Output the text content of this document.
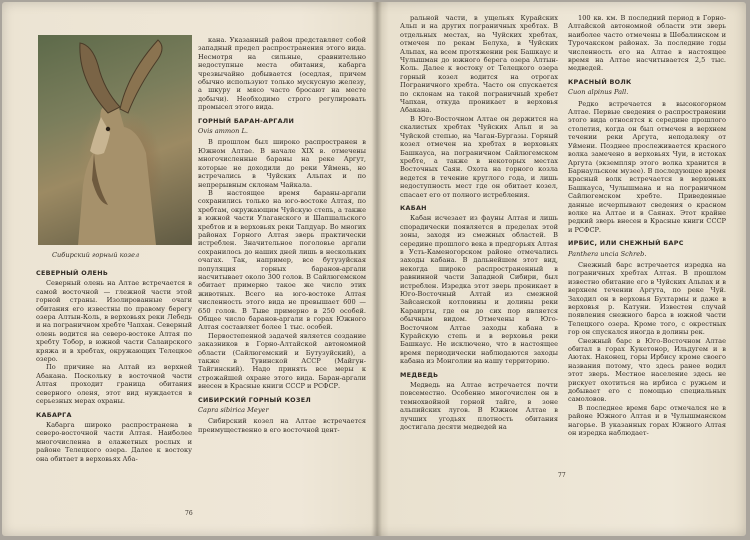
Сибирский горный козел

кана. Указанный район представляет собой западный предел распространения этого вида. Несмотря на сильные, сравнительно недоступные места обитания, кабарга чрезвычайно добывается (оседлая, причем обычно используют только мускусную железу, а шкуру и мясо часто бросают на месте добычи). Необходимо строго регулировать промысел этого вида.

ГОРНЫЙ БАРАН-АРГАЛИ

Ovis ammon L.

В прошлом был широко распространен в Южном Алтае. В начале XIX в. отмечены многочисленные бараны на реке Аргут, которые не доходили до реки Уймень, но встречались в Чуйских Альпах и по непрерывным склонам Чайкала.

В настоящее время бараны-аргали сохранились только на юго-востоке Алтая, по хребтам, окружающим Чуйскую степь, а также в южной части Улаганского и Шапшальского хребтов и в верховьях реки Тапдуар. Во многих районах Горного Алтая зверь практически истреблен. Значительное поголовье аргали сохранилось до наших дней лишь в нескольких очагах. Так, например, все бутузуйская популяция горных баранов-аргали насчитывает около 300 голов. В Сайлюгемском обитает примерно такое же число этих животных. Всего на юго-востоке Алтая численность этого вида не превышает 600 — 650 голов. В Тыве примерно в 250 особей. Общее число баранов-аргали в горах Южного Алтая составляет более 1 тыс. особей.

Первостепенной задачей является создание заказников в Горно-Алтайской автономной области (Сайлюгемский и Бутузуйский), а также в Тувинской АССР (Майгун-Тайгинский). Надо принять все меры к строжайшей охране этого вида. Баран-аргали внесен в Красные книги СССР и РСФСР.

СИБИРСКИЙ ГОРНЫЙ КОЗЕЛ

Capra sibirica Meyer

Сибирский козел на Алтае встречается преимущественно в его восточной цент-

СЕВЕРНЫЙ ОЛЕНЬ

Северный олень на Алтае встречается в самой восточной — глежной части этой горной страны. Изолированные очаги обитания его известны по правому берегу озера Алтын-Коль, в верховьях реки Лебедь и на пограничном хребте Чапхан. Северный олень водится на северо-востоке Алтая по хребту Тобор, в южной части Салаирского кряжа и в хребтах, окружающих Телецкое озеро.

По причине на Алтай из верхней Абакана. Поскольку в восточной части Алтая проходит граница обитания северного оленя, этот вид нуждается в серьезных мерах охраны.

КАБАРГА

Кабарга широко распространена в северо-восточной части Алтая. Наиболее многочисленна в елажетных рослых и районе Телецкого озера. Далее к востоку она обитает в верховьях Аба-

76

ральной части, в ущельях Курайских Альп и на других пограничных хребтах. В отдельных местах, на Чуйских хребтах, отмечен по рекам Белуха, в Чуйских Альпах, на всем протяжении рек Башкаус и Чулышман до южного берега озера Алтын-Коль. Далее к востоку от Телецкого озера горный козел водится на отрогах Пограничного хребта. Часто он спускается по склонам на такой пограничный хребет Чапхан, откуда проникает в верховья Абакана.

В Юго-Восточном Алтае он держится на скалистых хребтах Чуйских Альп и за Чуйской степью, на Чаган-Бургазы. Горный козел отмечен на хребтах в верховьях Башкауса, на пограничном Сайлюгемском хребте, а также в некоторых местах Восточных Саян. Охота на горного козла ведется в течение круглого года, и лишь недоступность мест где он обитает козел, спасает его от полного истребления.

КАБАН

Кабан исчезает из фауны Алтая и лишь спорадически появляется в пределах этой зоны, заходя из смежных областей. В середине прошлого века в предгорьях Алтая в Усть-Каменогорском районе отмечались заходы кабана. В дальнейшем этот вид, некогда широко распространенный в равнинной части Западной Сибири, был истреблен. Изредка этот зверь проникает в Юго-Восточный Алтай из смежной Зайсанской котловины и долины реки Караирты, где он до сих пор является обычным видом. Отмечены в Юго-Восточном Алтае заходы кабана в Курайскую степь и в верховья реки Башкаус. Не исключено, что в настоящее время периодически наблюдаются заходы кабана из Монголии на нашу территорию.

МЕДВЕДЬ

Медведь на Алтае встречается почти повсеместно. Особенно многочислен он в темнохвойной горной тайге, в зоне альпийских лугов. В Южном Алтае в лучших угодьях плотность обитания достигала десяти медведей на

100 кв. км. В последний период в Горно-Алтайской автономной области эти зверь наиболее часто отмечены в Шебалинском и Турочакском районах. За последние годы численность его на Алтае в настоящее время на Алтае насчитывается 2,5 тыс. медведей.

КРАСНЫЙ ВОЛК

Cuon alpinus Pall.

Редко встречается в высокогорном Алтае. Первые сведения о распространении этого вида относятся к середине прошлого столетия, когда он был отмечен в верхнем течении реки Аргута, неподалеку от Уймени. Позднее прослеживается красного волка замечено в верховьях Чуи, в истоках Аргута (экземпляр этого волка хранится в Барнаульском музее). В последующее время красный волк встречается в верховьях Башкауса, Чулышмана и на пограничном Сайлюгемском хребте. Приведенные данные исчерпывают сведения о красном волке на Алтае и в Саянах. Этот крайне редкий зверь внесен в Красные книги СССР и РСФСР.

ИРБИС, ИЛИ СНЕЖНЫЙ БАРС

Panthera uncia Schreb.

Снежный барс встречается изредка на пограничных хребтах Алтая. В прошлом известно обитание его в Чуйских Альпах и в верхнем течении Аргута, по реке Чуй. Заходил он в верховья Бухтармы и даже в верховья р. Катуни. Известен случай появления снежного барса в южной части Телецкого озера. Кроме того, с окрестных гор он спускался иногда в долины рек.

Снежный барс в Юго-Восточном Алтае обитал в горах Кукетонор, Ильдугем и в Аютах. Наконец, горы Ирбису кроме своего названия потому, что здесь ранее водил этот зверь. Местное население здесь не рискует охотиться на ирбиса с ружьем и добывает его с помощью специальных самоловов.

В последнее время барс отмечался не в районе Южного Алтая и в Чулышманском нагорье. В указанных горах Южного Алтая он изредка наблюдает-

77
